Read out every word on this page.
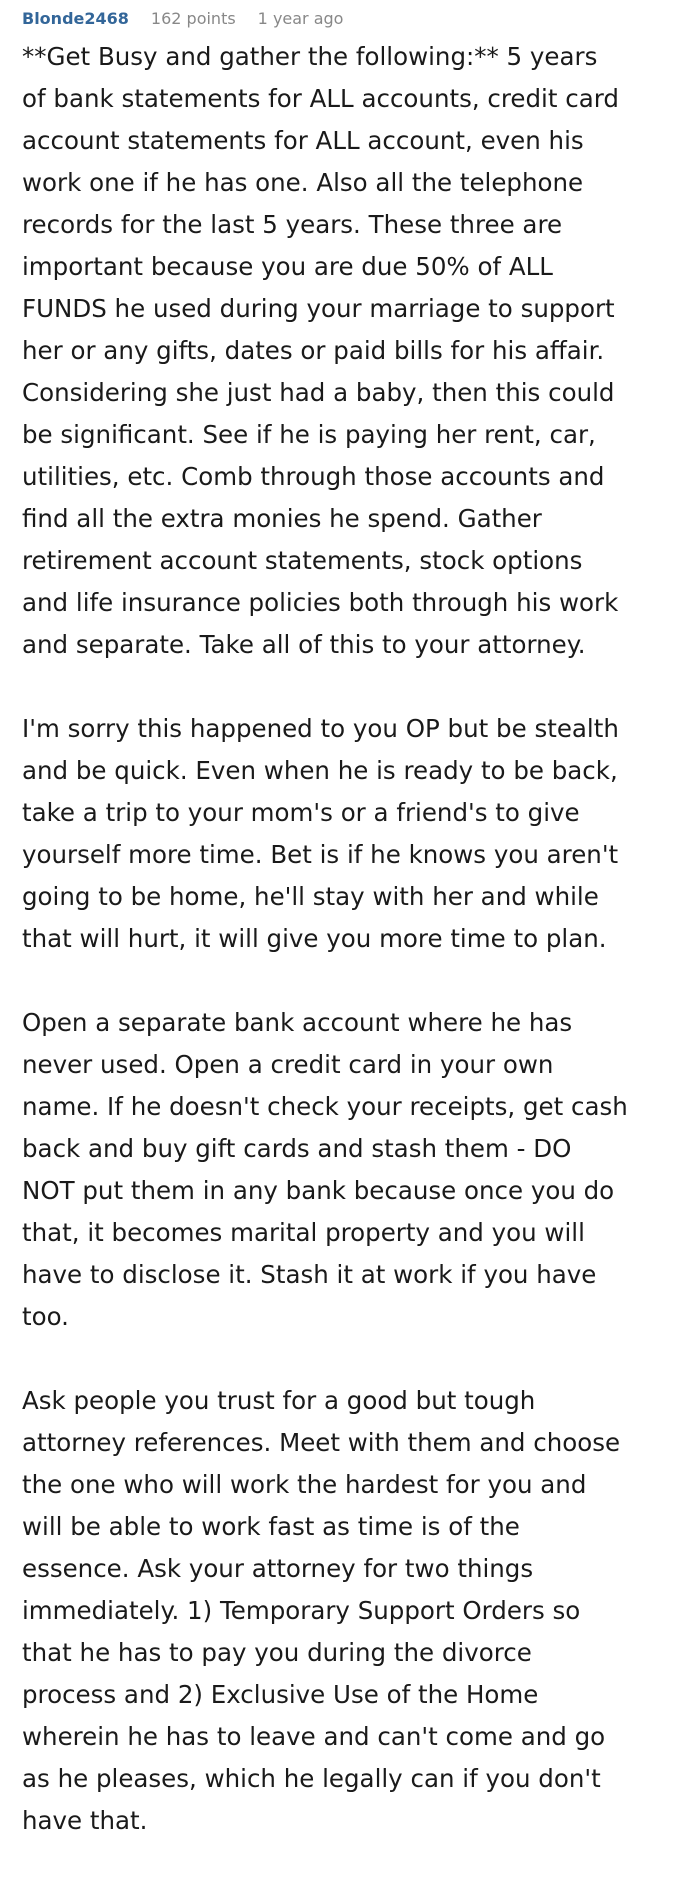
Blonde2468 162 points 1 year ago
**Get Busy and gather the following:** 5 years
of bank statements for ALL accounts, credit card
account statements for ALL account, even his
work one if he has one. Also all the telephone
records for the last 5 years. These three are
important because you are due 50% of ALL
FUNDS he used during your marriage to support
her or any gifts, dates or paid bills for his affair.
Considering she just had a baby, then this could
be significant. See if he is paying her rent, car,
utilities, etc. Comb through those accounts and
find all the extra monies he spend. Gather
retirement account statements, stock options
and life insurance policies both through his work
and separate. Take all of this to your attorney.
I'm sorry this happened to you OP but be stealth
and be quick. Even when he is ready to be back,
take a trip to your mom's or a friend's to give
yourself more time. Bet is if he knows you aren't
going to be home, he'll stay with her and while
that will hurt, it will give you more time to plan.
Open a separate bank account where he has
never used. Open a credit card in your own
name. If he doesn't check your receipts, get cash
back and buy gift cards and stash them - DO
NOT put them in any bank because once you do
that, it becomes marital property and you will
have to disclose it. Stash it at work if you have
too.
Ask people you trust for a good but tough
attorney references. Meet with them and choose
the one who will work the hardest for you and
will be able to work fast as time is of the
essence. Ask your attorney for two things
immediately. 1) Temporary Support Orders so
that he has to pay you during the divorce
process and 2) Exclusive Use of the Home
wherein he has to leave and can't come and go
as he pleases, which he legally can if you don't
have that.
